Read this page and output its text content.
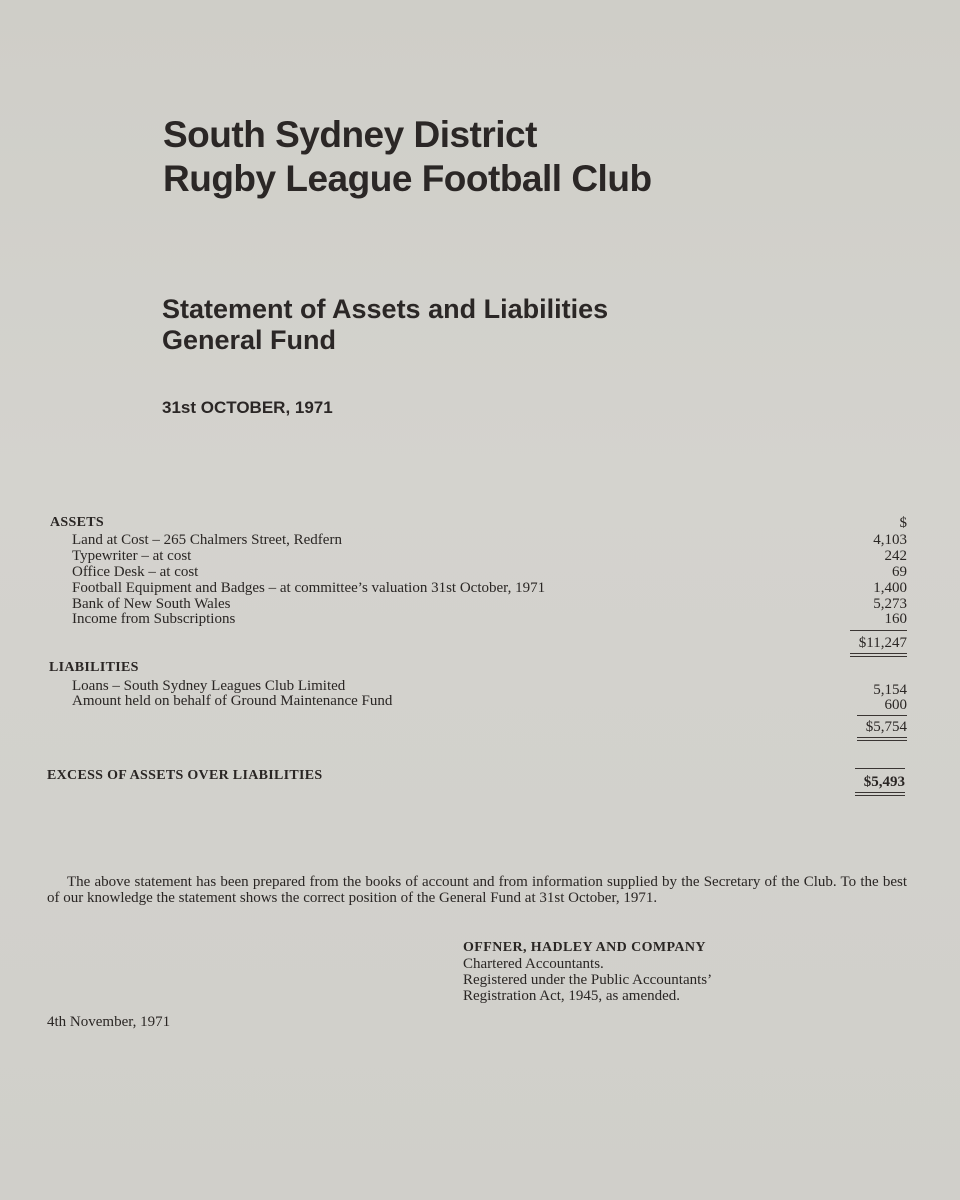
South Sydney District
Rugby League Football Club
Statement of Assets and Liabilities
General Fund
31st OCTOBER, 1971
ASSETS	$
Land at Cost – 265 Chalmers Street, Redfern	4,103
Typewriter – at cost	242
Office Desk – at cost	69
Football Equipment and Badges – at committee’s valuation 31st October, 1971	1,400
Bank of New South Wales	5,273
Income from Subscriptions	160
$11,247
LIABILITIES
Loans – South Sydney Leagues Club Limited	5,154
Amount held on behalf of Ground Maintenance Fund	600
$5,754
EXCESS OF ASSETS OVER LIABILITIES	$5,493
The above statement has been prepared from the books of account and from information supplied by the Secretary of the Club. To the best of our knowledge the statement shows the correct position of the General Fund at 31st October, 1971.
OFFNER, HADLEY AND COMPANY
Chartered Accountants.
Registered under the Public Accountants’
Registration Act, 1945, as amended.
4th November, 1971
